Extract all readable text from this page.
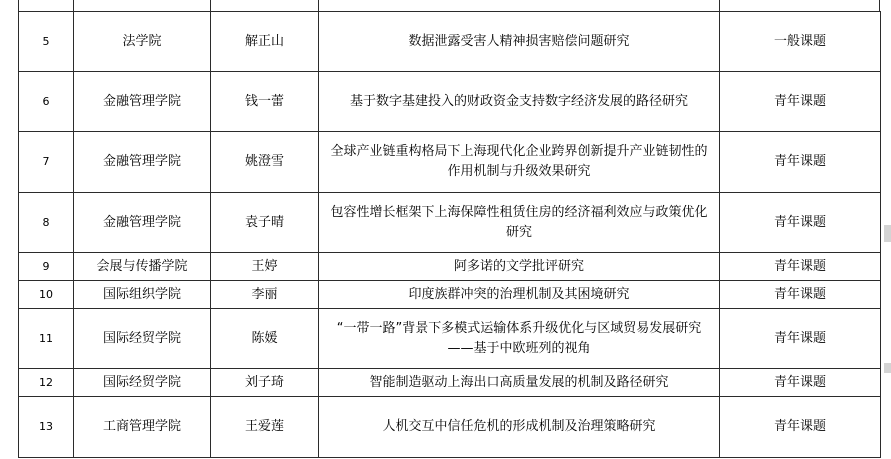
5	法学院	解正山	数据泄露受害人精神损害赔偿问题研究	一般课题
6	金融管理学院	钱一蕾	基于数字基建投入的财政资金支持数字经济发展的路径研究	青年课题
7	金融管理学院	姚澄雪	全球产业链重构格局下上海现代化企业跨界创新提升产业链韧性的作用机制与升级效果研究	青年课题
8	金融管理学院	袁子晴	包容性增长框架下上海保障性租赁住房的经济福利效应与政策优化研究	青年课题
9	会展与传播学院	王婷	阿多诺的文学批评研究	青年课题
10	国际组织学院	李丽	印度族群冲突的治理机制及其困境研究	青年课题
11	国际经贸学院	陈媛	“一带一路”背景下多模式运输体系升级优化与区域贸易发展研究——基于中欧班列的视角	青年课题
12	国际经贸学院	刘子琦	智能制造驱动上海出口高质量发展的机制及路径研究	青年课题
13	工商管理学院	王爱莲	人机交互中信任危机的形成机制及治理策略研究	青年课题
